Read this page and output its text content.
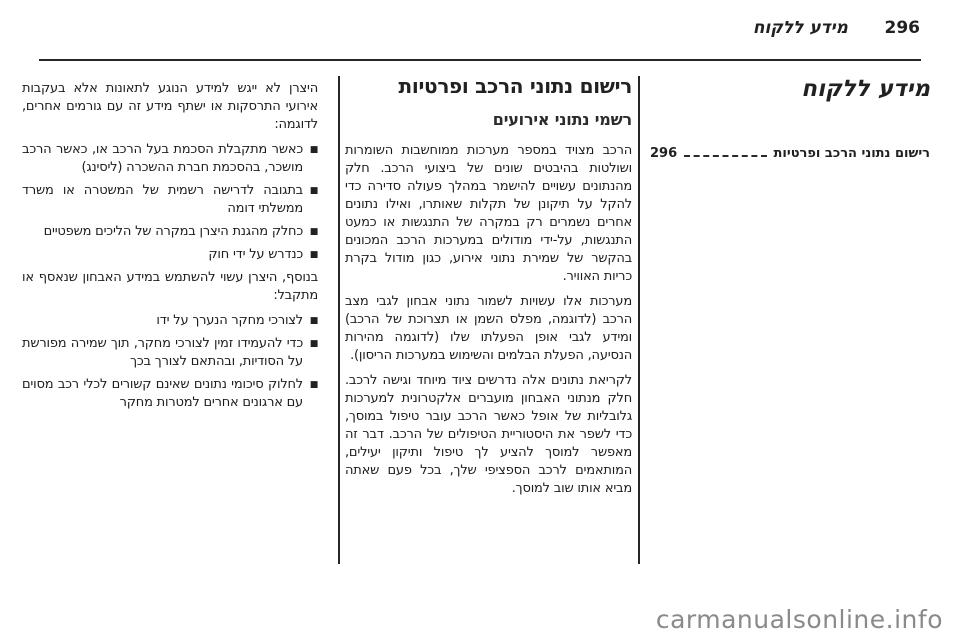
296
מידע ללקוח
מידע ללקוח
רישום נתוני הרכב ופרטיות
296
רישום נתוני הרכב ופרטיות
רשמי נתוני אירועים

הרכב מצויד במספר מערכות ממוחשבות השומרות ושולטות בהיבטים שונים של ביצועי הרכב. חלק מהנתונים עשויים להישמר במהלך פעולה סדירה כדי להקל על תיקונן של תקלות שאותרו, ואילו נתונים אחרים נשמרים רק במקרה של התנגשות או כמעט התנגשות, על-ידי מודולים במערכות הרכב המכונים בהקשר של שמירת נתוני אירוע, כגון מודול בקרת כריות האוויר.

מערכות אלו עשויות לשמור נתוני אבחון לגבי מצב הרכב (לדוגמה, מפלס השמן או תצרוכת של הרכב) ומידע לגבי אופן הפעלתו שלו (לדוגמה מהירות הנסיעה, הפעלת הבלמים והשימוש במערכות הריסון).

לקריאת נתונים אלה נדרשים ציוד מיוחד וגישה לרכב. חלק מנתוני האבחון מועברים אלקטרונית למערכות גלובליות של אופל כאשר הרכב עובר טיפול במוסך, כדי לשפר את היסטוריית הטיפולים של הרכב. דבר זה מאפשר למוסך להציע לך טיפול ותיקון יעילים, המותאמים לרכב הספציפי שלך, בכל פעם שאתה מביא אותו שוב למוסך.

היצרן לא ייגש למידע הנוגע לתאונות אלא בעקבות אירועי התרסקות או ישתף מידע זה עם גורמים אחרים, לדוגמה:

■
כאשר מתקבלת הסכמת בעל הרכב או, כאשר הרכב מושכר, בהסכמת חברת ההשכרה (ליסינג)
■
בתגובה לדרישה רשמית של המשטרה או משרד ממשלתי דומה
■
כחלק מהגנת היצרן במקרה של הליכים משפטיים
■
כנדרש על ידי חוק

בנוסף, היצרן עשוי להשתמש במידע האבחון שנאסף או מתקבל:

■
לצורכי מחקר הנערך על ידו
■
כדי להעמידו זמין לצורכי מחקר, תוך שמירה מפורשת על הסודיות, ובהתאם לצורך בכך
■
לחלוק סיכומי נתונים שאינם קשורים לכלי רכב מסוים עם ארגונים אחרים למטרות מחקר
carmanualsonline.info
